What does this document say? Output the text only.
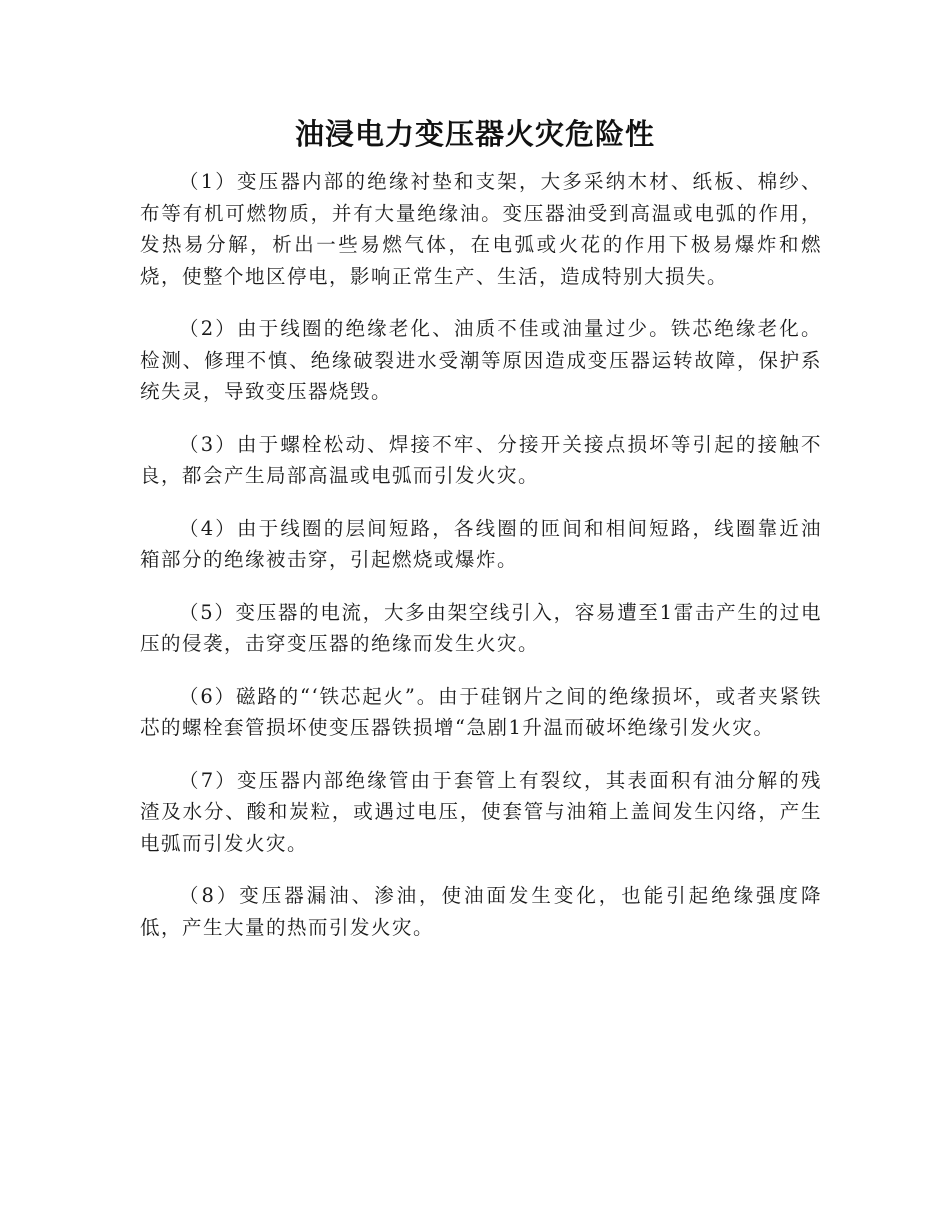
油浸电力变压器火灾危险性

（1）变压器内部的绝缘衬垫和支架，大多采纳木材、纸板、棉纱、布等有机可燃物质，并有大量绝缘油。变压器油受到高温或电弧的作用，发热易分解，析出一些易燃气体，在电弧或火花的作用下极易爆炸和燃烧，使整个地区停电，影响正常生产、生活，造成特别大损失。

（2）由于线圈的绝缘老化、油质不佳或油量过少。铁芯绝缘老化。检测、修理不慎、绝缘破裂进水受潮等原因造成变压器运转故障，保护系统失灵，导致变压器烧毁。

（3）由于螺栓松动、焊接不牢、分接开关接点损坏等引起的接触不良，都会产生局部高温或电弧而引发火灾。

（4）由于线圈的层间短路，各线圈的匝间和相间短路，线圈靠近油箱部分的绝缘被击穿，引起燃烧或爆炸。

（5）变压器的电流，大多由架空线引入，容易遭至1雷击产生的过电压的侵袭，击穿变压器的绝缘而发生火灾。

（6）磁路的“‘铁芯起火”。由于硅钢片之间的绝缘损坏，或者夹紧铁芯的螺栓套管损坏使变压器铁损增“急剧1升温而破坏绝缘引发火灾。

（7）变压器内部绝缘管由于套管上有裂纹，其表面积有油分解的残渣及水分、酸和炭粒，或遇过电压，使套管与油箱上盖间发生闪络，产生电弧而引发火灾。

（8）变压器漏油、渗油，使油面发生变化，也能引起绝缘强度降低，产生大量的热而引发火灾。
